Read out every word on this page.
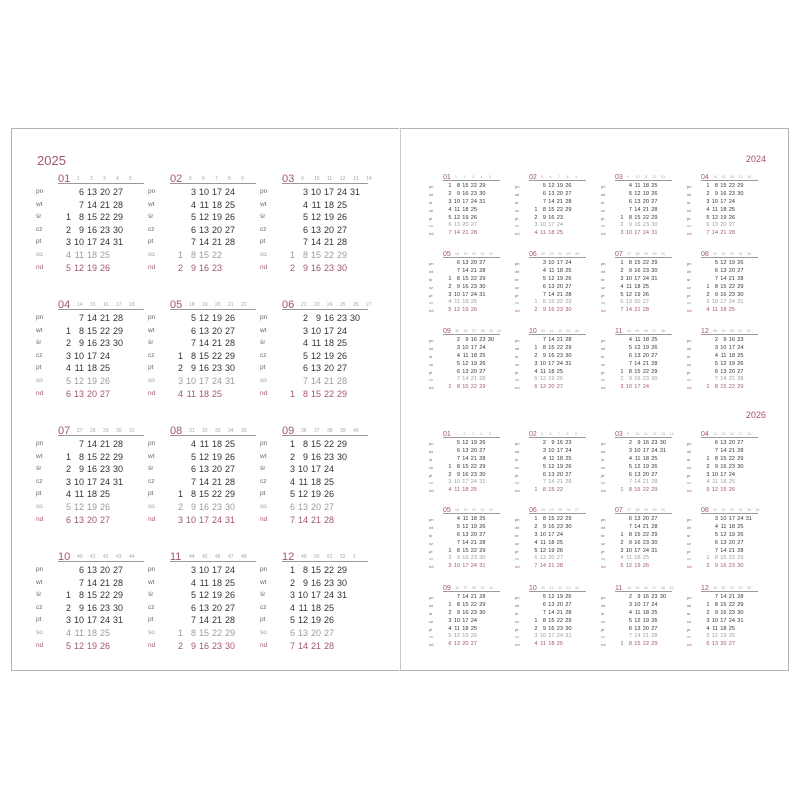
2025
01 1	2	3	4	5
pn	6 13 20 27
wt	7 14 21 28
śr	1 8 15 22 29
cz	2 9 16 23 30
pt	3 10 17 24 31
so	4 11 18 25
nd	5 12 19 26
02 5	6	7	8	9
pn	3 10 17 24
wt	4 11 18 25
śr	5 12 19 26
cz	6 13 20 27
pt	7 14 21 28
so	1 8 15 22
nd	2 9 16 23
03 9	10	11	12	13	14
pn	3 10 17 24 31
wt	4 11 18 25
śr	5 12 19 26
cz	6 13 20 27
pt	7 14 21 28
so	1 8 15 22 29
nd	2 9 16 23 30
04 14	15	16	17	18
pn	7 14 21 28
wt	1 8 15 22 29
śr	2 9 16 23 30
cz	3 10 17 24
pt	4 11 18 25
so	5 12 19 26
nd	6 13 20 27
05 18	19	20	21	22
pn	5 12 19 26
wt	6 13 20 27
śr	7 14 21 28
cz	1 8 15 22 29
pt	2 9 16 23 30
so	3 10 17 24 31
nd	4 11 18 25
06 22	23	24	25	26	27
pn	2 9 16 23 30
wt	3 10 17 24
śr	4 11 18 25
cz	5 12 19 26
pt	6 13 20 27
so	7 14 21 28
nd	1 8 15 22 29
07 27	28	29	30	31
pn	7 14 21 28
wt	1 8 15 22 29
śr	2 9 16 23 30
cz	3 10 17 24 31
pt	4 11 18 25
so	5 12 19 26
nd	6 13 20 27
08 31	32	33	34	35
pn	4 11 18 25
wt	5 12 19 26
śr	6 13 20 27
cz	7 14 21 28
pt	1 8 15 22 29
so	2 9 16 23 30
nd	3 10 17 24 31
09 36	37	38	39	40
pn	1 8 15 22 29
wt	2 9 16 23 30
śr	3 10 17 24
cz	4 11 18 25
pt	5 12 19 26
so	6 13 20 27
nd	7 14 21 28
10 40	41	42	43	44
pn	6 13 20 27
wt	7 14 21 28
śr	1 8 15 22 29
cz	2 9 16 23 30
pt	3 10 17 24 31
so	4 11 18 25
nd	5 12 19 26
11 44	45	46	47	48
pn	3 10 17 24
wt	4 11 18 25
śr	5 12 19 26
cz	6 13 20 27
pt	7 14 21 28
so	1 8 15 22 29
nd	2 9 16 23 30
12 49	50	51	52	1
pn	1 8 15 22 29
wt	2 9 16 23 30
śr	3 10 17 24 31
cz	4 11 18 25
pt	5 12 19 26
so	6 13 20 27
nd	7 14 21 28
2024
01 1	2	3	4	5
pn	1 8 15 22 29
wt	2 9 16 23 30
śr	3 10 17 24 31
cz	4 11 18 25
pt	5 12 19 26
so	6 13 20 27
nd	7 14 21 28
02 5	6	7	8	9
pn	5 12 19 26
wt	6 13 20 27
śr	7 14 21 28
cz	1 8 15 22 29
pt	2 9 16 23
so	3 10 17 24
nd	4 11 18 25
03 9	10	11	12	13
pn	4 11 18 25
wt	5 12 19 26
śr	6 13 20 27
cz	7 14 21 28
pt	1 8 15 22 29
so	2 9 16 23 30
nd	3 10 17 24 31
04 14	15	16	17	18
pn	1 8 15 22 29
wt	2 9 16 23 30
śr	3 10 17 24
cz	4 11 18 25
pt	5 12 19 26
so	6 13 20 27
nd	7 14 21 28
05 18	19	20	21	22
pn	6 13 20 27
wt	7 14 21 28
śr	1 8 15 22 29
cz	2 9 16 23 30
pt	3 10 17 24 31
so	4 11 18 25
nd	5 12 19 26
06 22	23	24	25	26
pn	3 10 17 24
wt	4 11 18 25
śr	5 12 19 26
cz	6 13 20 27
pt	7 14 21 28
so	1 8 15 22 29
nd	2 9 16 23 30
07 27	28	29	30	31
pn	1 8 15 22 29
wt	2 9 16 23 30
śr	3 10 17 24 31
cz	4 11 18 25
pt	5 12 19 26
so	6 13 20 27
nd	7 14 21 28
08 31	32	33	34	35
pn	5 12 19 26
wt	6 13 20 27
śr	7 14 21 28
cz	1 8 15 22 29
pt	2 9 16 23 30
so	3 10 17 24 31
nd	4 11 18 25
09 35	36	37	38	39	40
pn	2 9 16 23 30
wt	3 10 17 24
śr	4 11 18 25
cz	5 12 19 26
pt	6 13 20 27
so	7 14 21 28
nd	1 8 15 22 29
10 40	41	42	43	44
pn	7 14 21 28
wt	1 8 15 22 29
śr	2 9 16 23 30
cz	3 10 17 24 31
pt	4 11 18 25
so	5 12 19 26
nd	6 13 20 27
11 44	45	46	47	48
pn	4 11 18 25
wt	5 12 19 26
śr	6 13 20 27
cz	7 14 21 28
pt	1 8 15 22 29
so	2 9 16 23 30
nd	3 10 17 24
12 48	49	50	51	52
pn	2 9 16 23
wt	3 10 17 24
śr	4 11 18 25
cz	5 12 19 26
pt	6 13 20 27
so	7 14 21 28
nd	1 8 15 22 29
2026
01 1	2	3	4	5
pn	5 12 19 26
wt	6 13 20 27
śr	7 14 21 28
cz	1 8 15 22 29
pt	2 9 16 23 30
so	3 10 17 24 31
nd	4 11 18 25
02 5	6	7	8	9
pn	2 9 16 23
wt	3 10 17 24
śr	4 11 18 25
cz	5 12 19 26
pt	6 13 20 27
so	7 14 21 28
nd	1 8 15 22
03 9	10	11	12	13	14
pn	2 9 16 23 30
wt	3 10 17 24 31
śr	4 11 18 25
cz	5 12 19 26
pt	6 13 20 27
so	7 14 21 28
nd	1 8 15 22 29
04 14	15	16	17	18
pn	6 13 20 27
wt	7 14 21 28
śr	1 8 15 22 29
cz	2 9 16 23 30
pt	3 10 17 24
so	4 11 18 25
nd	5 12 19 26
05 18	19	20	21	22
pn	4 11 18 25
wt	5 12 19 26
śr	6 13 20 27
cz	7 14 21 28
pt	1 8 15 22 29
so	2 9 16 23 30
nd	3 10 17 24 31
06 23	24	25	26	27
pn	1 8 15 22 29
wt	2 9 16 23 30
śr	3 10 17 24
cz	4 11 18 25
pt	5 12 19 26
so	6 13 20 27
nd	7 14 21 28
07 27	28	29	30	31
pn	6 13 20 27
wt	7 14 21 28
śr	1 8 15 22 29
cz	2 9 16 23 30
pt	3 10 17 24 31
so	4 11 18 25
nd	5 12 19 26
08 31	32	33	34	35	36
pn	3 10 17 24 31
wt	4 11 18 25
śr	5 12 19 26
cz	6 13 20 27
pt	7 14 21 28
so	1 8 15 22 29
nd	2 9 16 23 30
09 36	37	38	39	40
pn	7 14 21 28
wt	1 8 15 22 29
śr	2 9 16 23 30
cz	3 10 17 24
pt	4 11 18 25
so	5 12 19 26
nd	6 13 20 27
10 40	41	42	43	44
pn	5 12 19 26
wt	6 13 20 27
śr	7 14 21 28
cz	1 8 15 22 29
pt	2 9 16 23 30
so	3 10 17 24 31
nd	4 11 18 25
11 44	45	46	47	48	49
pn	2 9 16 23 30
wt	3 10 17 24
śr	4 11 18 25
cz	5 12 19 26
pt	6 13 20 27
so	7 14 21 28
nd	1 8 15 22 29
12 49	50	51	52	53
pn	7 14 21 28
wt	1 8 15 22 29
śr	2 9 16 23 30
cz	3 10 17 24 31
pt	4 11 18 25
so	5 12 19 26
nd	6 13 20 27
